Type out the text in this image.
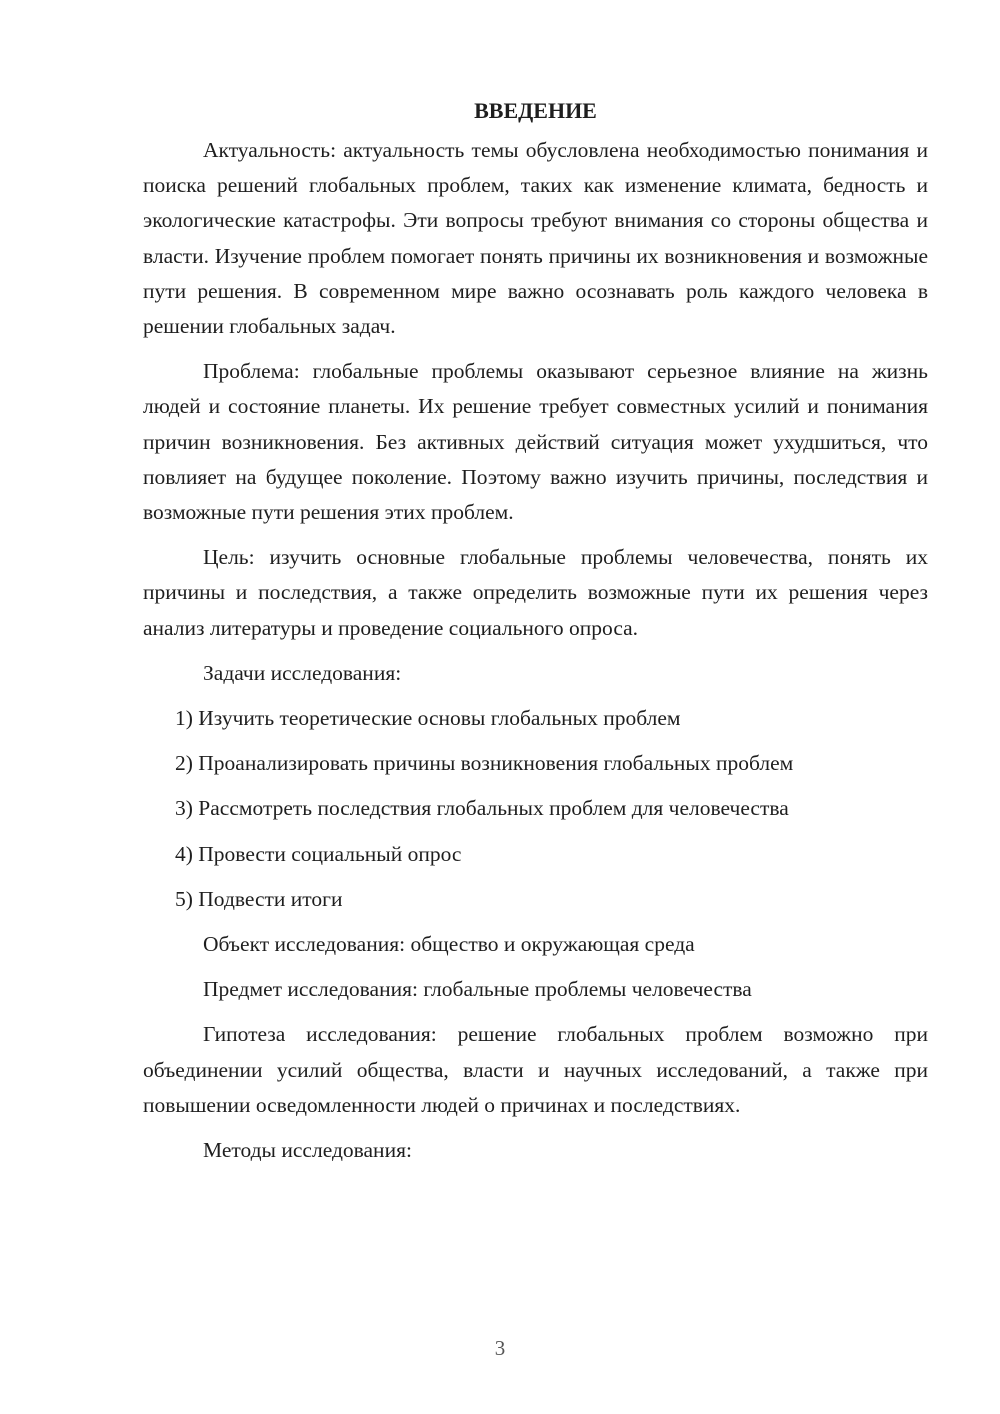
ВВЕДЕНИЕ

Актуальность: актуальность темы обусловлена необходимостью понимания и поиска решений глобальных проблем, таких как изменение климата, бедность и экологические катастрофы. Эти вопросы требуют внимания со стороны общества и власти. Изучение проблем помогает понять причины их возникновения и возможные пути решения. В современном мире важно осознавать роль каждого человека в решении глобальных задач.

Проблема: глобальные проблемы оказывают серьезное влияние на жизнь людей и состояние планеты. Их решение требует совместных усилий и понимания причин возникновения. Без активных действий ситуация может ухудшиться, что повлияет на будущее поколение. Поэтому важно изучить причины, последствия и возможные пути решения этих проблем.

Цель: изучить основные глобальные проблемы человечества, понять их причины и последствия, а также определить возможные пути их решения через анализ литературы и проведение социального опроса.

Задачи исследования:
1) Изучить теоретические основы глобальных проблем
2) Проанализировать причины возникновения глобальных проблем
3) Рассмотреть последствия глобальных проблем для человечества
4) Провести социальный опрос
5) Подвести итоги
Объект исследования: общество и окружающая среда
Предмет исследования: глобальные проблемы человечества

Гипотеза исследования: решение глобальных проблем возможно при объединении усилий общества, власти и научных исследований, а также при повышении осведомленности людей о причинах и последствиях.

Методы исследования:
3
